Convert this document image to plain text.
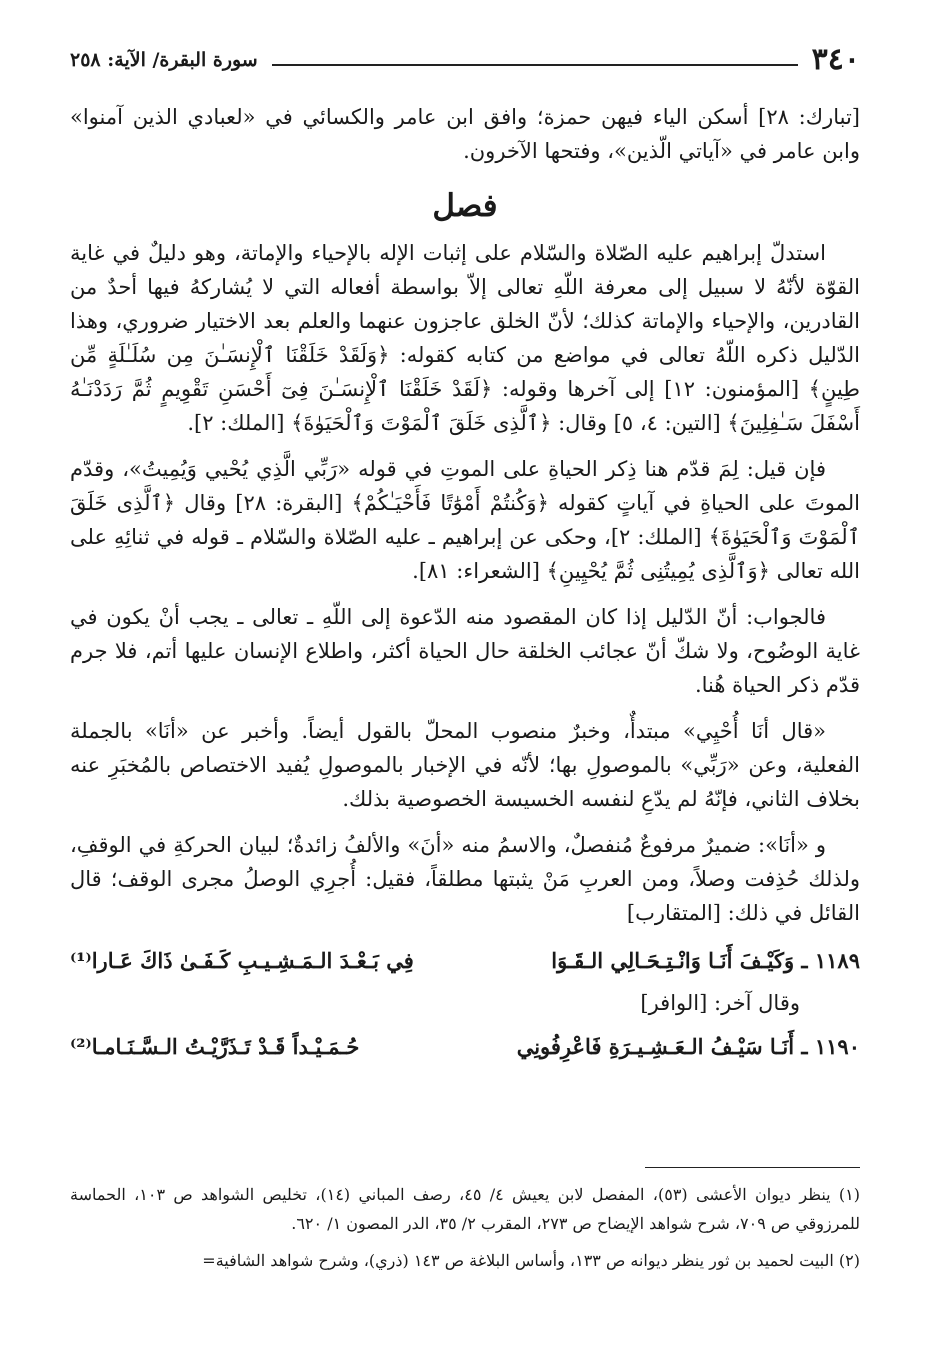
٣٤٠
سورة البقرة/ الآية: ٢٥٨

[تبارك: ٢٨] أسكن الياء فيهن حمزة؛ وافق ابن عامر والكسائي في «لعبادي الذين آمنوا» وابن عامر في «آياتي الّذين»، وفتحها الآخرون.

فصل

استدلّ إبراهيم عليه الصّلاة والسّلام على إثبات الإله بالإحياء والإماتة، وهو دليلٌ في غاية القوّة لأنّهُ لا سبيل إلى معرفة اللّهِ تعالى إلاّ بواسطة أفعاله التي لا يُشاركهُ فيها أحدٌ من القادرين، والإحياء والإماتة كذلك؛ لأنّ الخلق عاجزون عنهما والعلم بعد الاختيار ضروري، وهذا الدّليل ذكره اللّهُ تعالى في مواضع من كتابه كقوله: ﴿وَلَقَدْ خَلَقْنَا ٱلْإِنسَـٰنَ مِن سُلَـٰلَةٍ مِّن طِينٍ﴾ [المؤمنون: ١٢] إلى آخرها وقوله: ﴿لَقَدْ خَلَقْنَا ٱلْإِنسَـٰنَ فِىٓ أَحْسَنِ تَقْوِيمٍ ثُمَّ رَدَدْنَـٰهُ أَسْفَلَ سَـٰفِلِينَ﴾ [التين: ٤، ٥] وقال: ﴿ٱلَّذِى خَلَقَ ٱلْمَوْتَ وَٱلْحَيَوٰةَ﴾ [الملك: ٢].

فإن قيل: لِمَ قدّم هنا ذِكر الحياةِ على الموتِ في قوله «رَبِّي الَّذِي يُحْيي وَيُمِيتُ»، وقدّم الموتَ على الحياةِ في آياتٍ كقوله ﴿وَكُنتُمْ أَمْوَٰتًا فَأَحْيَـٰكُمْ﴾ [البقرة: ٢٨] وقال ﴿ٱلَّذِى خَلَقَ ٱلْمَوْتَ وَٱلْحَيَوٰةَ﴾ [الملك: ٢]، وحكى عن إبراهيم ـ عليه الصّلاة والسّلام ـ قوله في ثنائِهِ على الله تعالى ﴿وَٱلَّذِى يُمِيتُنِى ثُمَّ يُحْيِينِ﴾ [الشعراء: ٨١].

فالجواب: أنّ الدّليل إذا كان المقصود منه الدّعوة إلى اللّهِ ـ تعالى ـ يجب أنْ يكون في غاية الوضُوح، ولا شكّ أنّ عجائب الخلقة حال الحياة أكثر، واطلاع الإنسان عليها أتم، فلا جرم قدّم ذكر الحياة هُنا.

«قال أنَا أُحْيِي» مبتدأٌ، وخبرٌ منصوب المحلّ بالقول أيضاً. وأخبر عن «أنَا» بالجملة الفعلية، وعن «رَبِّي» بالموصولِ بها؛ لأنّه في الإخبار بالموصولِ يُفيد الاختصاص بالمُخبَرِ عنه بخلاف الثاني، فإنّهُ لم يدّعِ لنفسه الخسيسة الخصوصية بذلك.

و «أنَا»: ضميرٌ مرفوعٌ مُنفصلٌ، والاسمُ منه «أنَ» والألفُ زائدةٌ؛ لبيان الحركةِ في الوقفِ، ولذلك حُذِفت وصلاً، ومن العربِ مَنْ يثبتها مطلقاً، فقيل: أُجرِي الوصلُ مجرى الوقف؛ قال القائل في ذلك: [المتقارب]

١١٨٩ ـ وَكَيْـفَ أَنَـا وَانْـتِـحَـالِي الـقَـوَا
فِي بَـعْـدَ الـمَـشِـيـبِ كَـفَـىٰ ذَاكَ عَـارا⁽¹⁾
وقال آخر: [الوافر]
١١٩٠ ـ أَنَـا سَيْـفُ الـعَـشِـيـرَةِ فَاعْرِفُونِي
حُـمَـيْـداً قَـدْ تَـذَرَّيْـتُ الـسَّـنَـامـا⁽²⁾

(١) ينظر ديوان الأعشى (٥٣)، المفصل لابن يعيش ٤/ ٤٥، رصف المباني (١٤)، تخليص الشواهد ص ١٠٣، الحماسة للمرزوقي ص ٧٠٩، شرح شواهد الإيضاح ص ٢٧٣، المقرب ٢/ ٣٥، الدر المصون ١/ ٦٢٠.

(٢) البيت لحميد بن ثور ينظر ديوانه ص ١٣٣، وأساس البلاغة ص ١٤٣ (ذري)، وشرح شواهد الشافية=
